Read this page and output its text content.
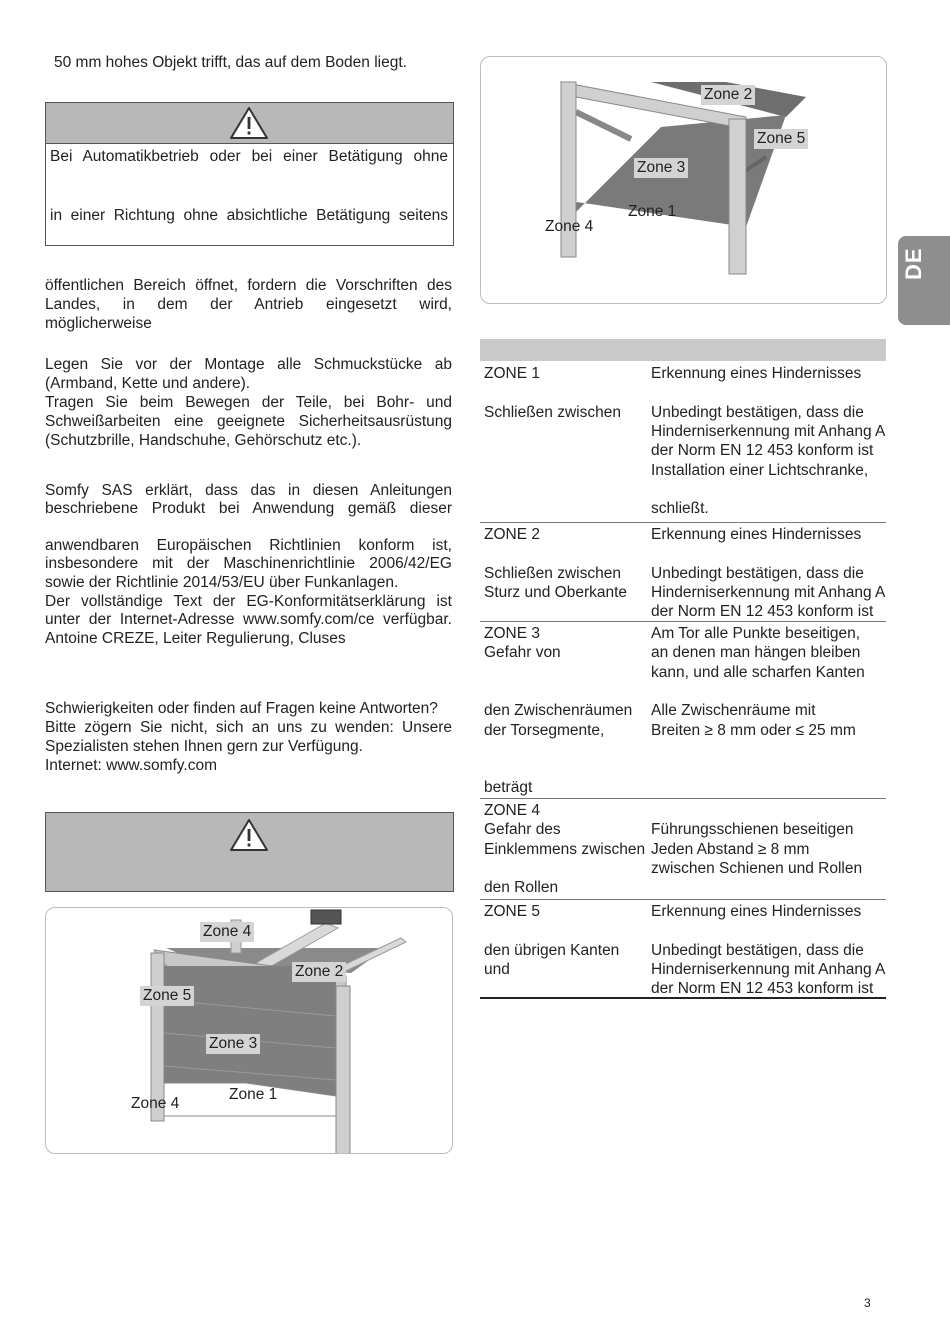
50 mm hohes Objekt trifft, das auf dem Boden liegt.
Bei Automatikbetrieb oder bei einer Betätigung ohne
in einer Richtung ohne absichtliche Betätigung seitens
öffentlichen Bereich öffnet, fordern die Vorschriften des
Landes, in dem der Antrieb eingesetzt wird, möglicherweise
Legen Sie vor der Montage alle Schmuckstücke ab
(Armband, Kette und andere).
Tragen Sie beim Bewegen der Teile, bei Bohr- und
Schweißarbeiten eine geeignete Sicherheitsausrüstung
(Schutzbrille, Handschuhe, Gehörschutz etc.).
Somfy SAS erklärt, dass das in diesen Anleitungen
beschriebene Produkt bei Anwendung gemäß dieser
anwendbaren Europäischen Richtlinien konform ist,
insbesondere mit der Maschinenrichtlinie 2006/42/EG
sowie der Richtlinie 2014/53/EU über Funkanlagen.
Der vollständige Text der EG-Konformitätserklärung ist
unter der Internet-Adresse www.somfy.com/ce verfügbar.
Antoine CREZE, Leiter Regulierung, Cluses
Schwierigkeiten oder finden auf Fragen keine Antworten?
Bitte zögern Sie nicht, sich an uns zu wenden: Unsere
Spezialisten stehen Ihnen gern zur Verfügung.
Internet: www.somfy.com
Zone 4
Zone 2
Zone 5
Zone 3
Zone 4
Zone 1
Zone 2
Zone 5
Zone 3
Zone 1
Zone 4
DE
ZONE 1
Schließen zwischen
Erkennung eines Hindernisses
Unbedingt bestätigen, dass die
Hinderniserkennung mit Anhang A
der Norm EN 12 453 konform ist
Installation einer Lichtschranke,
schließt.
ZONE 2
Schließen zwischen
Sturz und Oberkante
Erkennung eines Hindernisses
Unbedingt bestätigen, dass die
Hinderniserkennung mit Anhang A
der Norm EN 12 453 konform ist
ZONE 3
Gefahr von
den Zwischenräumen
der Torsegmente,
beträgt
Am Tor alle Punkte beseitigen,
an denen man hängen bleiben
kann, und alle scharfen Kanten
Alle Zwischenräume mit
Breiten ≥ 8 mm oder ≤ 25 mm
ZONE 4
Gefahr des
Einklemmens zwischen
den Rollen
Führungsschienen beseitigen
Jeden Abstand ≥ 8 mm
zwischen Schienen und Rollen
ZONE 5
den übrigen Kanten und
Erkennung eines Hindernisses
Unbedingt bestätigen, dass die
Hinderniserkennung mit Anhang A
der Norm EN 12 453 konform ist
3
